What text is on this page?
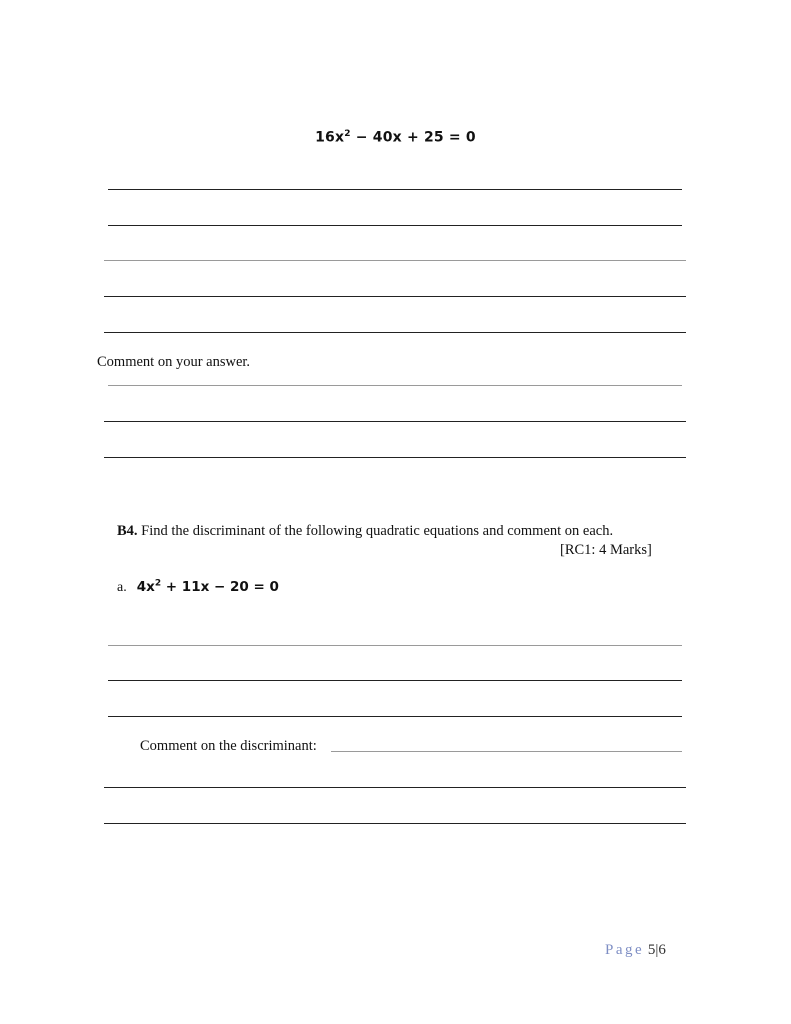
$16x^2 - 40x + 25 = 0$
Comment on your answer.
B4. Find the discriminant of the following quadratic equations and comment on each.
[RC1: 4 Marks]
a. $4x^2 + 11x - 20 = 0$
Comment on the discriminant:
Page 5|6
